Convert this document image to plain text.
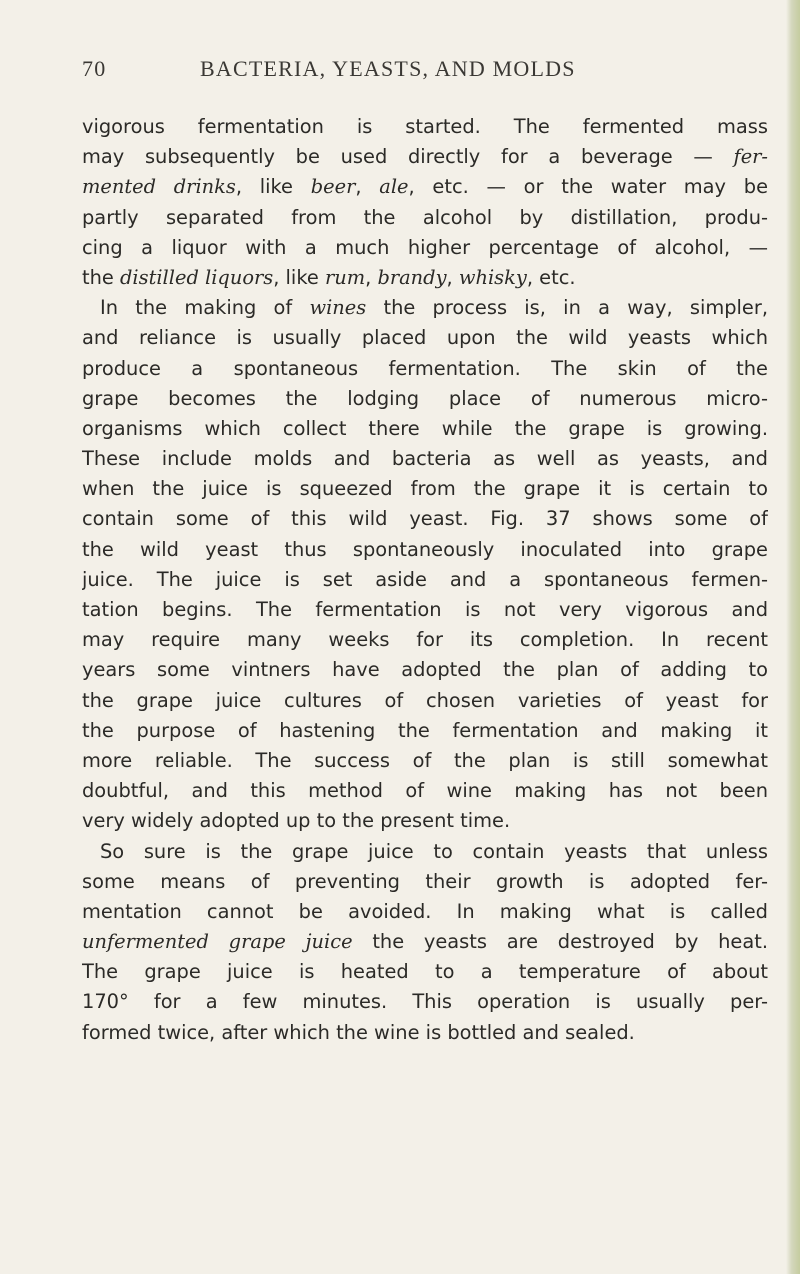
70	BACTERIA, YEASTS, AND MOLDS
vigorous fermentation is started. The fermented mass
may subsequently be used directly for a beverage — fer-
mented drinks, like beer, ale, etc. — or the water may be
partly separated from the alcohol by distillation, produ-
cing a liquor with a much higher percentage of alcohol, —
the distilled liquors, like rum, brandy, whisky, etc.
In the making of wines the process is, in a way, simpler,
and reliance is usually placed upon the wild yeasts which
produce a spontaneous fermentation. The skin of the
grape becomes the lodging place of numerous micro-
organisms which collect there while the grape is growing.
These include molds and bacteria as well as yeasts, and
when the juice is squeezed from the grape it is certain to
contain some of this wild yeast. Fig. 37 shows some of
the wild yeast thus spontaneously inoculated into grape
juice. The juice is set aside and a spontaneous fermen-
tation begins. The fermentation is not very vigorous and
may require many weeks for its completion. In recent
years some vintners have adopted the plan of adding to
the grape juice cultures of chosen varieties of yeast for
the purpose of hastening the fermentation and making it
more reliable. The success of the plan is still somewhat
doubtful, and this method of wine making has not been
very widely adopted up to the present time.
So sure is the grape juice to contain yeasts that unless
some means of preventing their growth is adopted fer-
mentation cannot be avoided. In making what is called
unfermented grape juice the yeasts are destroyed by heat.
The grape juice is heated to a temperature of about
170° for a few minutes. This operation is usually per-
formed twice, after which the wine is bottled and sealed.
